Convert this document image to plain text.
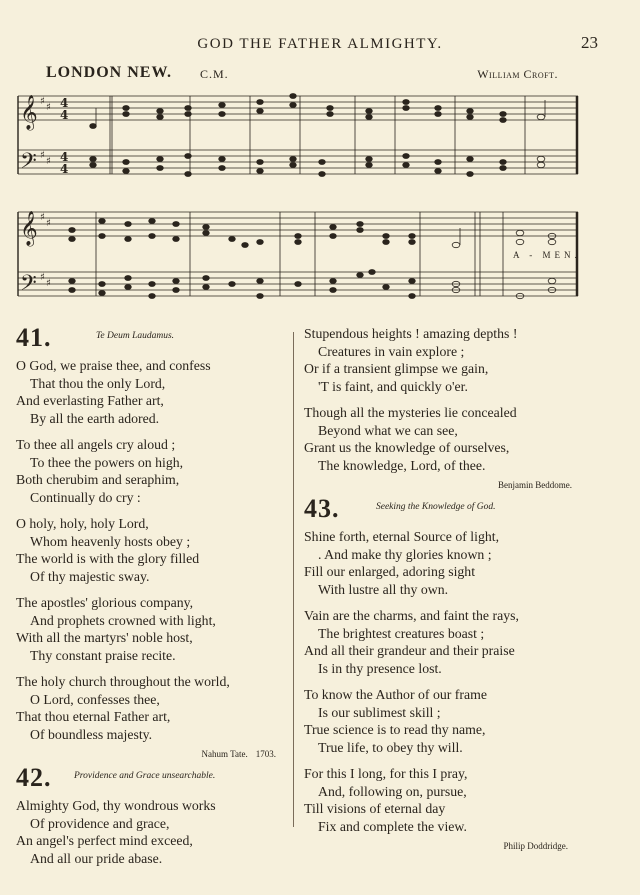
GOD THE FATHER ALMIGHTY.	23
LONDON NEW. C.M.	William Croft.
𝄞
𝄢
𝄞
𝄢
♯
♯
♯
♯
♯
♯
♯
♯
4
4
4
4
A - MEN.
41.	Te Deum Laudamus.
O God, we praise thee, and confess
That thou the only Lord,
And everlasting Father art,
By all the earth adored.
To thee all angels cry aloud ;
To thee the powers on high,
Both cherubim and seraphim,
Continually do cry :
O holy, holy, holy Lord,
Whom heavenly hosts obey ;
The world is with the glory filled
Of thy majestic sway.
The apostles' glorious company,
And prophets crowned with light,
With all the martyrs' noble host,
Thy constant praise recite.
The holy church throughout the world,
O Lord, confesses thee,
That thou eternal Father art,
Of boundless majesty.
Nahum Tate. 1703.
42. Providence and Grace unsearchable.
Almighty God, thy wondrous works
Of providence and grace,
An angel's perfect mind exceed,
And all our pride abase.
Stupendous heights ! amazing depths !
Creatures in vain explore ;
Or if a transient glimpse we gain,
'T is faint, and quickly o'er.
Though all the mysteries lie concealed
Beyond what we can see,
Grant us the knowledge of ourselves,
The knowledge, Lord, of thee.
Benjamin Beddome.
43.	Seeking the Knowledge of God.
Shine forth, eternal Source of light,
. And make thy glories known ;
Fill our enlarged, adoring sight
With lustre all thy own.
Vain are the charms, and faint the rays,
The brightest creatures boast ;
And all their grandeur and their praise
Is in thy presence lost.
To know the Author of our frame
Is our sublimest skill ;
True science is to read thy name,
True life, to obey thy will.
For this I long, for this I pray,
And, following on, pursue,
Till visions of eternal day
Fix and complete the view.
Philip Doddridge.
